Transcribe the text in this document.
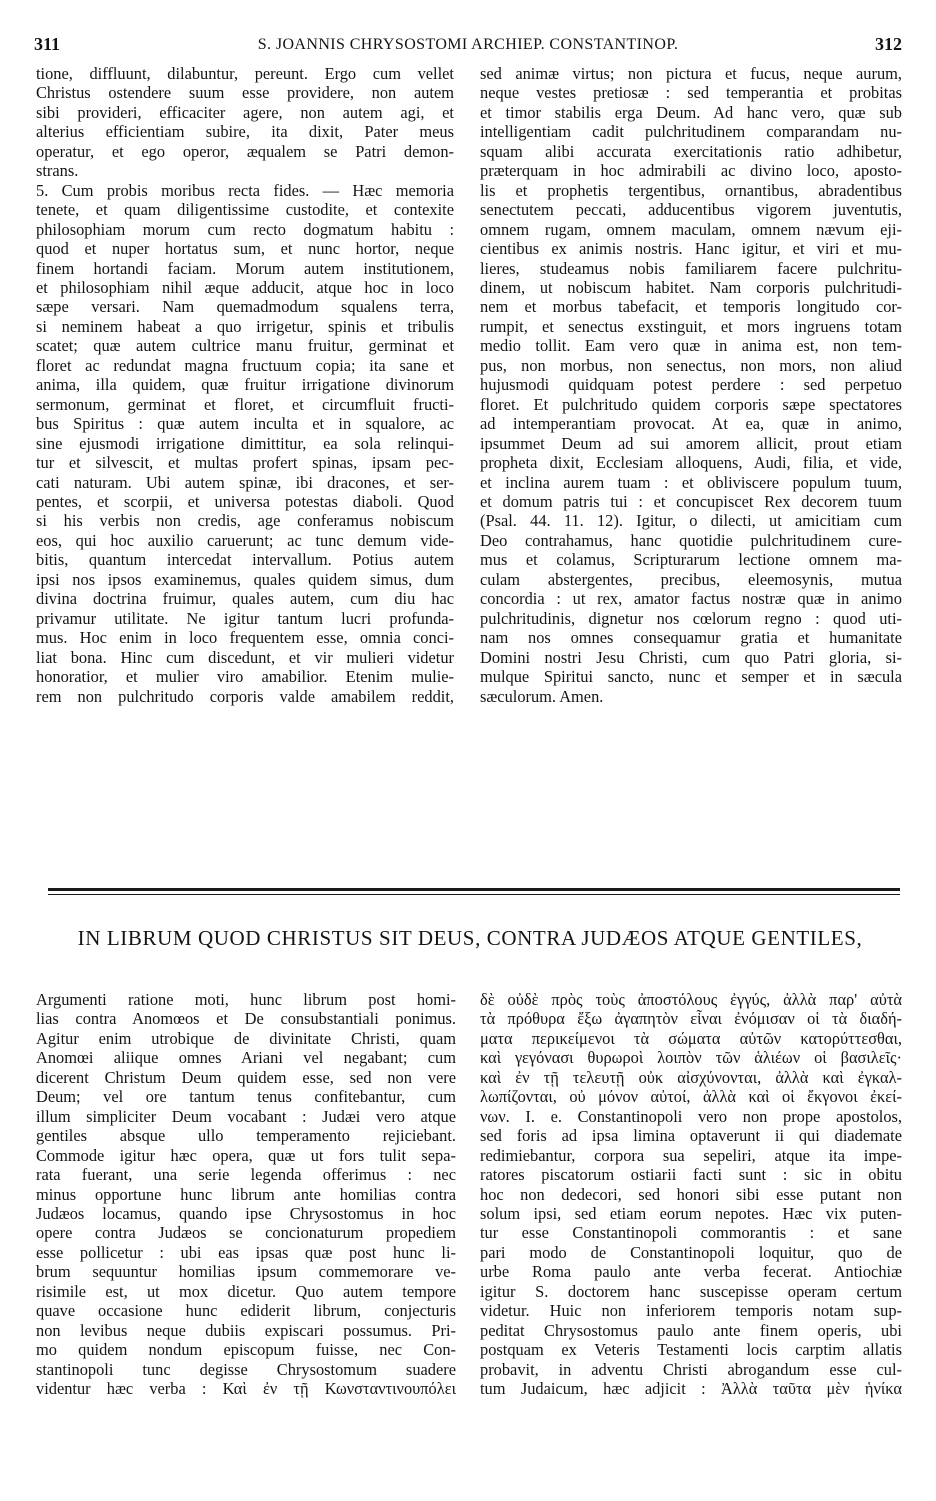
311	S. JOANNIS CHRYSOSTOMI ARCHIEP. CONSTANTINOP.	312
tione, diffluunt, dilabuntur, pereunt. Ergo cum vellet
Christus ostendere suum esse providere, non autem
sibi provideri, efficaciter agere, non autem agi, et
alterius efficientiam subire, ita dixit, Pater meus
operatur, et ego operor, æqualem se Patri demon-
strans.
5. Cum probis moribus recta fides. — Hæc memoria
tenete, et quam diligentissime custodite, et contexite
philosophiam morum cum recto dogmatum habitu :
quod et nuper hortatus sum, et nunc hortor, neque
finem hortandi faciam. Morum autem institutionem,
et philosophiam nihil æque adducit, atque hoc in loco
sæpe versari. Nam quemadmodum squalens terra,
si neminem habeat a quo irrigetur, spinis et tribulis
scatet; quæ autem cultrice manu fruitur, germinat et
floret ac redundat magna fructuum copia; ita sane et
anima, illa quidem, quæ fruitur irrigatione divinorum
sermonum, germinat et floret, et circumfluit fructi-
bus Spiritus : quæ autem inculta et in squalore, ac
sine ejusmodi irrigatione dimittitur, ea sola relinqui-
tur et silvescit, et multas profert spinas, ipsam pec-
cati naturam. Ubi autem spinæ, ibi dracones, et ser-
pentes, et scorpii, et universa potestas diaboli. Quod
si his verbis non credis, age conferamus nobiscum
eos, qui hoc auxilio caruerunt; ac tunc demum vide-
bitis, quantum intercedat intervallum. Potius autem
ipsi nos ipsos examinemus, quales quidem simus, dum
divina doctrina fruimur, quales autem, cum diu hac
privamur utilitate. Ne igitur tantum lucri profunda-
mus. Hoc enim in loco frequentem esse, omnia conci-
liat bona. Hinc cum discedunt, et vir mulieri videtur
honoratior, et mulier viro amabilior. Etenim mulie-
rem non pulchritudo corporis valde amabilem reddit,
sed animæ virtus; non pictura et fucus, neque aurum,
neque vestes pretiosæ : sed temperantia et probitas
et timor stabilis erga Deum. Ad hanc vero, quæ sub
intelligentiam cadit pulchritudinem comparandam nu-
squam alibi accurata exercitationis ratio adhibetur,
præterquam in hoc admirabili ac divino loco, aposto-
lis et prophetis tergentibus, ornantibus, abradentibus
senectutem peccati, adducentibus vigorem juventutis,
omnem rugam, omnem maculam, omnem nævum eji-
cientibus ex animis nostris. Hanc igitur, et viri et mu-
lieres, studeamus nobis familiarem facere pulchritu-
dinem, ut nobiscum habitet. Nam corporis pulchritudi-
nem et morbus tabefacit, et temporis longitudo cor-
rumpit, et senectus exstinguit, et mors ingruens totam
medio tollit. Eam vero quæ in anima est, non tem-
pus, non morbus, non senectus, non mors, non aliud
hujusmodi quidquam potest perdere : sed perpetuo
floret. Et pulchritudo quidem corporis sæpe spectatores
ad intemperantiam provocat. At ea, quæ in animo,
ipsummet Deum ad sui amorem allicit, prout etiam
propheta dixit, Ecclesiam alloquens, Audi, filia, et vide,
et inclina aurem tuam : et obliviscere populum tuum,
et domum patris tui : et concupiscet Rex decorem tuum
(Psal. 44. 11. 12). Igitur, o dilecti, ut amicitiam cum
Deo contrahamus, hanc quotidie pulchritudinem cure-
mus et colamus, Scripturarum lectione omnem ma-
culam abstergentes, precibus, eleemosynis, mutua
concordia : ut rex, amator factus nostræ quæ in animo
pulchritudinis, dignetur nos cœlorum regno : quod uti-
nam nos omnes consequamur gratia et humanitate
Domini nostri Jesu Christi, cum quo Patri gloria, si-
mulque Spiritui sancto, nunc et semper et in sæcula
sæculorum. Amen.
IN LIBRUM QUOD CHRISTUS SIT DEUS, CONTRA JUDÆOS ATQUE GENTILES,
Argumenti ratione moti, hunc librum post homi-
lias contra Anomœos et De consubstantiali ponimus.
Agitur enim utrobique de divinitate Christi, quam
Anomœi aliique omnes Ariani vel negabant; cum
dicerent Christum Deum quidem esse, sed non vere
Deum; vel ore tantum tenus confitebantur, cum
illum simpliciter Deum vocabant : Judæi vero atque
gentiles absque ullo temperamento rejiciebant.
Commode igitur hæc opera, quæ ut fors tulit sepa-
rata fuerant, una serie legenda offerimus : nec
minus opportune hunc librum ante homilias contra
Judæos locamus, quando ipse Chrysostomus in hoc
opere contra Judæos se concionaturum propediem
esse pollicetur : ubi eas ipsas quæ post hunc li-
brum sequuntur homilias ipsum commemorare ve-
risimile est, ut mox dicetur. Quo autem tempore
quave occasione hunc ediderit librum, conjecturis
non levibus neque dubiis expiscari possumus. Pri-
mo quidem nondum episcopum fuisse, nec Con-
stantinopoli tunc degisse Chrysostomum suadere
videntur hæc verba : Καὶ ἐν τῇ Κωνσταντινουπόλει
δὲ οὐδὲ πρὸς τοὺς ἀποστόλους ἐγγύς, ἀλλὰ παρ' αὐτὰ
τὰ πρόθυρα ἔξω ἀγαπητὸν εἶναι ἐνόμισαν οἱ τὰ διαδή-
ματα περικείμενοι τὰ σώματα αὐτῶν κατορύττεσθαι,
καὶ γεγόνασι θυρωροὶ λοιπὸν τῶν ἁλιέων οἱ βασιλεῖς·
καὶ ἐν τῇ τελευτῇ οὐκ αἰσχύνονται, ἀλλὰ καὶ ἐγκαλ-
λωπίζονται, οὐ μόνον αὐτοί, ἀλλὰ καὶ οἱ ἔκγονοι ἐκεί-
νων. I. e. Constantinopoli vero non prope apostolos,
sed foris ad ipsa limina optaverunt ii qui diademate
redimiebantur, corpora sua sepeliri, atque ita impe-
ratores piscatorum ostiarii facti sunt : sic in obitu
hoc non dedecori, sed honori sibi esse putant non
solum ipsi, sed etiam eorum nepotes. Hæc vix puten-
tur esse Constantinopoli commorantis : et sane
pari modo de Constantinopoli loquitur, quo de
urbe Roma paulo ante verba fecerat. Antiochiæ
igitur S. doctorem hanc suscepisse operam certum
videtur. Huic non inferiorem temporis notam sup-
peditat Chrysostomus paulo ante finem operis, ubi
postquam ex Veteris Testamenti locis carptim allatis
probavit, in adventu Christi abrogandum esse cul-
tum Judaicum, hæc adjicit : Ἀλλὰ ταῦτα μὲν ἡνίκα
